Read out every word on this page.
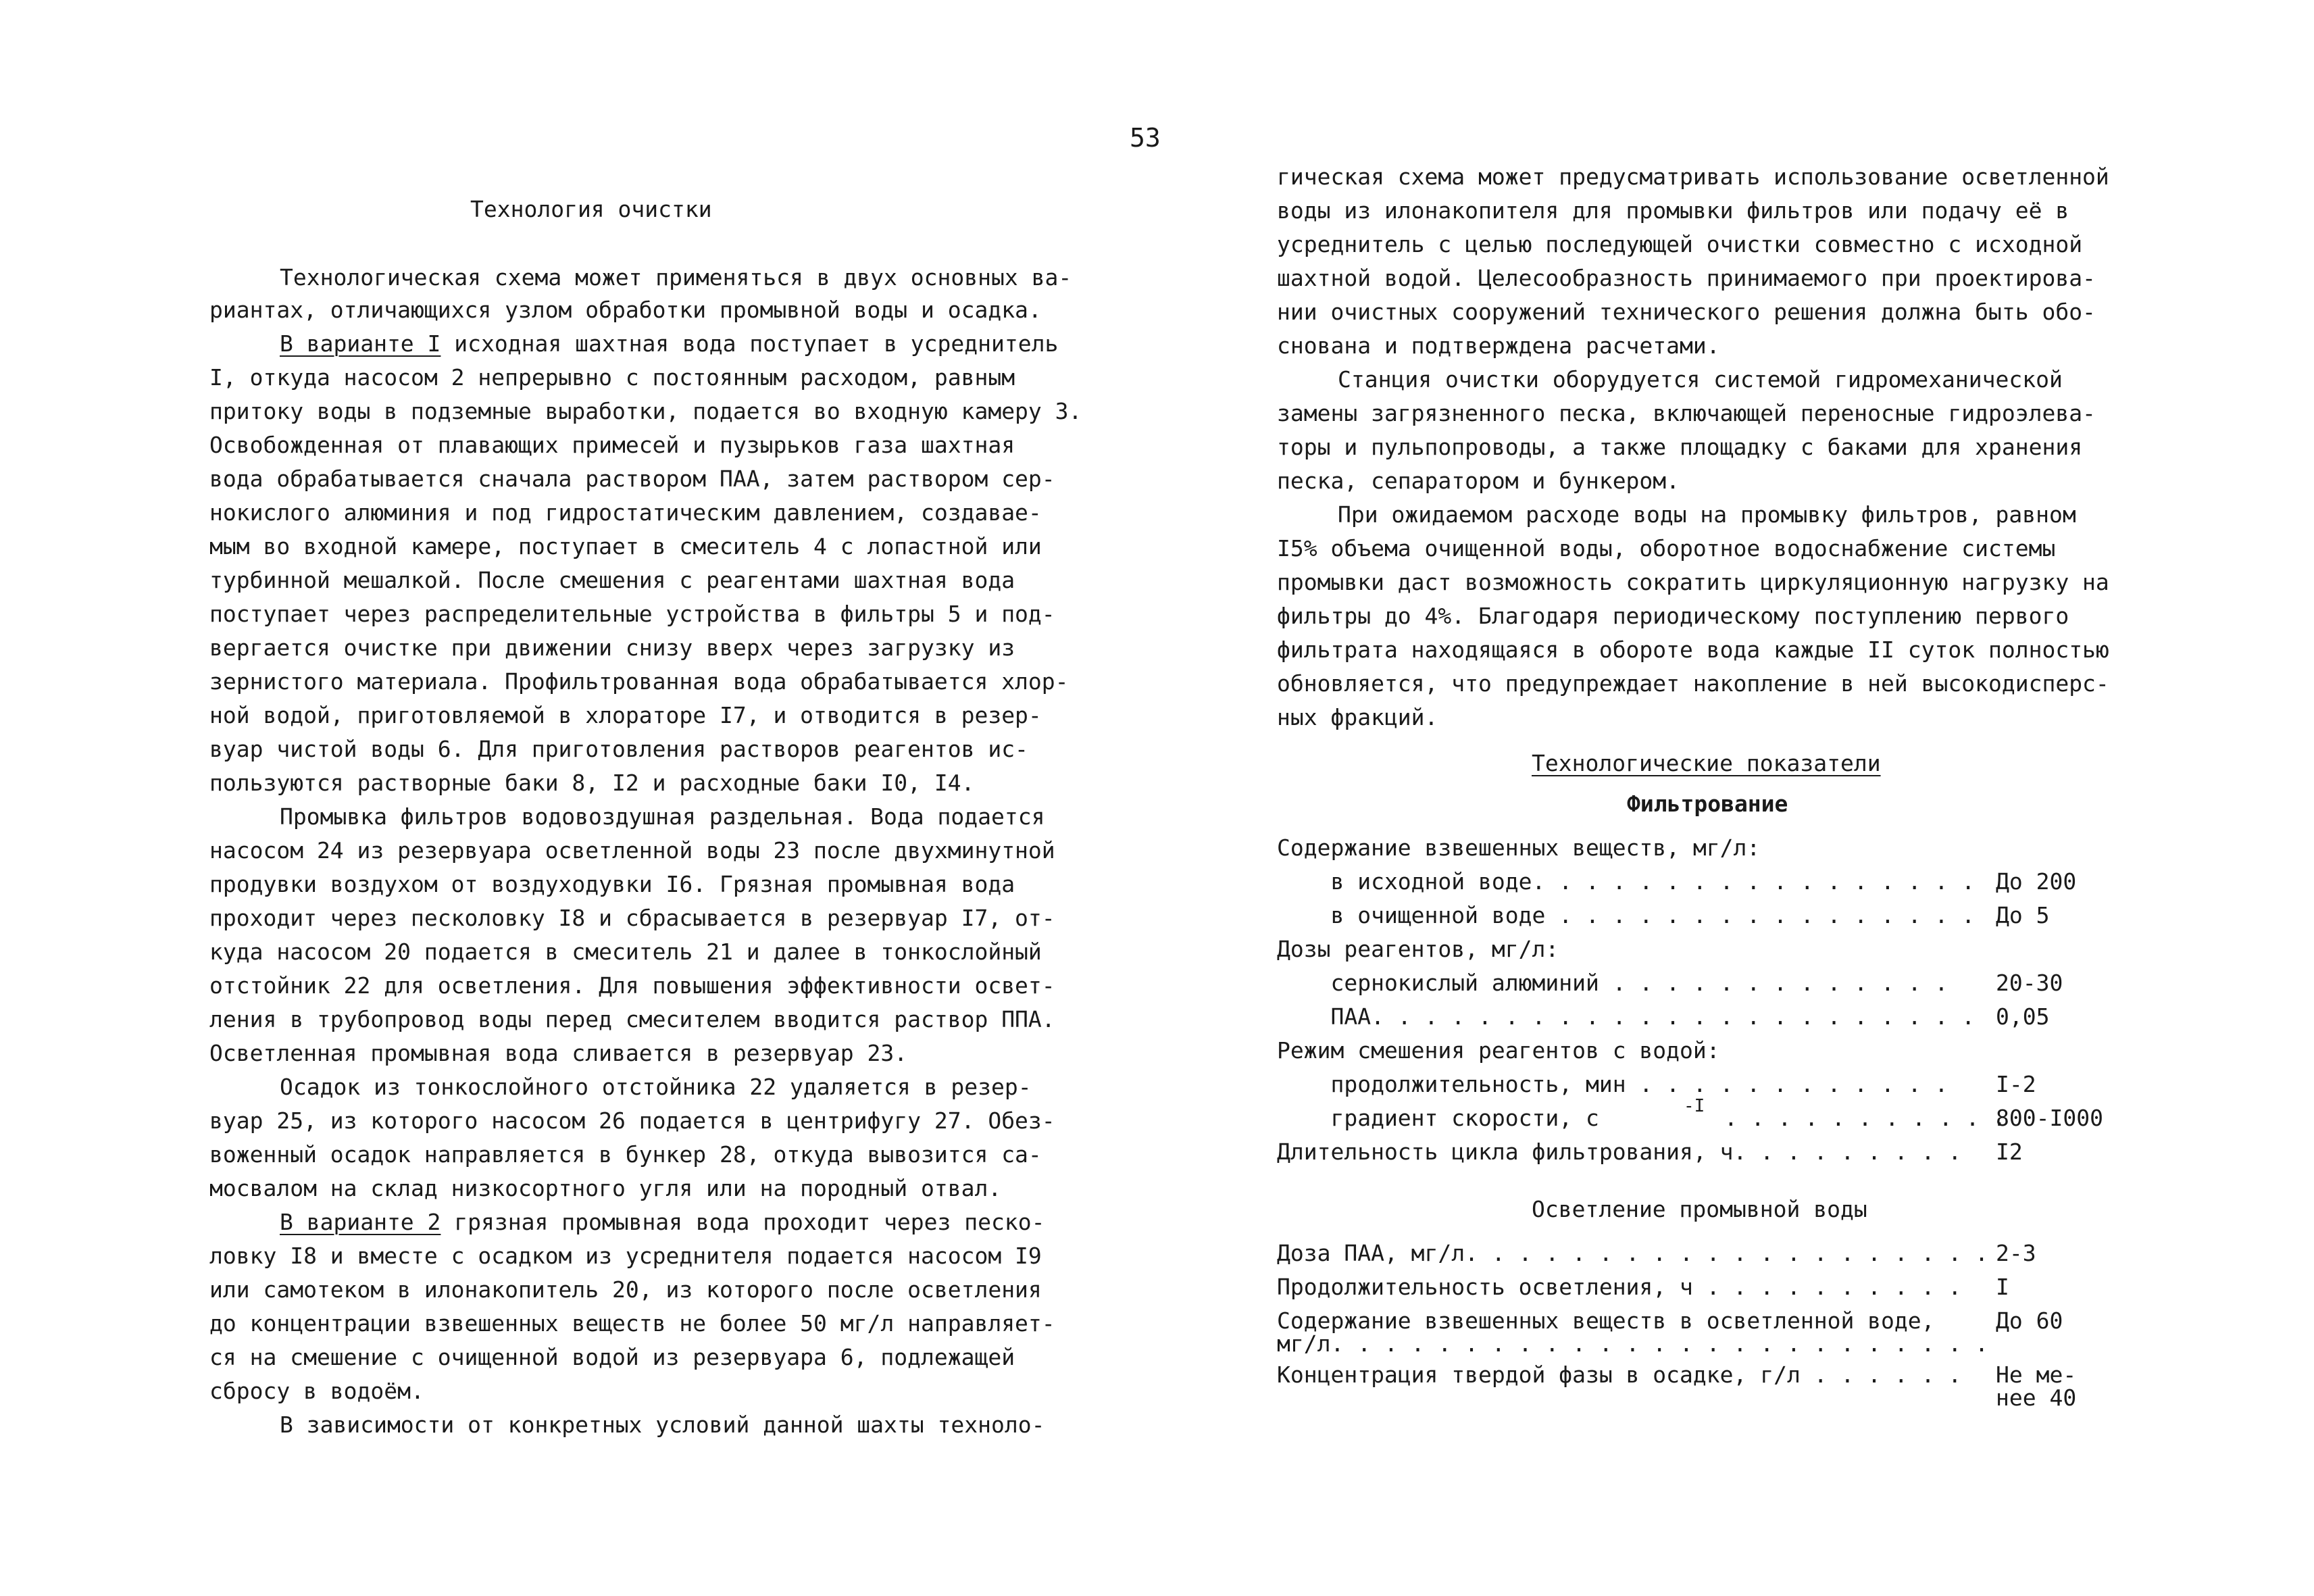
53
Технология очистки
Технологическая схема может применяться в двух основных ва-
риантах, отличающихся узлом обработки промывной воды и осадка.
В варианте I исходная шахтная вода поступает в усреднитель
I, откуда насосом 2 непрерывно с постоянным расходом, равным
притоку воды в подземные выработки, подается во входную камеру 3.
Освобожденная от плавающих примесей и пузырьков газа шахтная
вода обрабатывается сначала раствором ПАА, затем раствором сер-
нокислого алюминия и под гидростатическим давлением, создавае-
мым во входной камере, поступает в смеситель 4 с лопастной или
турбинной мешалкой. После смешения с реагентами шахтная вода
поступает через распределительные устройства в фильтры 5 и под-
вергается очистке при движении снизу вверх через загрузку из
зернистого материала. Профильтрованная вода обрабатывается хлор-
ной водой, приготовляемой в хлораторе I7, и отводится в резер-
вуар чистой воды 6. Для приготовления растворов реагентов ис-
пользуются растворные баки 8, I2 и расходные баки I0, I4.
Промывка фильтров водовоздушная раздельная. Вода подается
насосом 24 из резервуара осветленной воды 23 после двухминутной
продувки воздухом от воздуходувки I6. Грязная промывная вода
проходит через песколовку I8 и сбрасывается в резервуар I7, от-
куда насосом 20 подается в смеситель 21 и далее в тонкослойный
отстойник 22 для осветления. Для повышения эффективности освет-
ления в трубопровод воды перед смесителем вводится раствор ППА.
Осветленная промывная вода сливается в резервуар 23.
Осадок из тонкослойного отстойника 22 удаляется в резер-
вуар 25, из которого насосом 26 подается в центрифугу 27. Обез-
воженный осадок направляется в бункер 28, откуда вывозится са-
мосвалом на склад низкосортного угля или на породный отвал.
В варианте 2 грязная промывная вода проходит через песко-
ловку I8 и вместе с осадком из усреднителя подается насосом I9
или самотеком в илонакопитель 20, из которого после осветления
до концентрации взвешенных веществ не более 50 мг/л направляет-
ся на смешение с очищенной водой из резервуара 6, подлежащей
сбросу в водоём.
В зависимости от конкретных условий данной шахты техноло-
гическая схема может предусматривать использование осветленной
воды из илонакопителя для промывки фильтров или подачу её в
усреднитель с целью последующей очистки совместно с исходной
шахтной водой. Целесообразность принимаемого при проектирова-
нии очистных сооружений технического решения должна быть обо-
снована и подтверждена расчетами.
Станция очистки оборудуется системой гидромеханической
замены загрязненного песка, включающей переносные гидроэлева-
торы и пульпопроводы, а также площадку с баками для хранения
песка, сепаратором и бункером.
При ожидаемом расходе воды на промывку фильтров, равном
I5% объема очищенной воды, оборотное водоснабжение системы
промывки даст возможность сократить циркуляционную нагрузку на
фильтры до 4%. Благодаря периодическому поступлению первого
фильтрата находящаяся в обороте вода каждые II суток полностью
обновляется, что предупреждает накопление в ней высокодисперс-
ных фракций.
Технологические показатели
Фильтрование
Содержание взвешенных веществ, мг/л:
в исходной воде. . . . . . . . . . . . . . . . . До 200
в очищенной воде . . . . . . . . . . . . . . . . До 5
Дозы реагентов, мг/л:
сернокислый алюминий . . . . . . . . . . . . . 20-30
ПАА. . . . . . . . . . . . . . . . . . . . . . . 0,05
Режим смешения реагентов с водой:
продолжительность, мин . . . . . . . . . . . . I-2
градиент скорости, с	-I . . . . . . . . . . .
800-I000
Длительность цикла фильтрования, ч. . . . . . . . . I2
Осветление промывной воды
Доза ПАА, мг/л. . . . . . . . . . . . . . . . . . . . 2-3
Продолжительность осветления, ч . . . . . . . . . . I
Содержание взвешенных веществ в осветленной воде,	До 60
мг/л. . . . . . . . . . . . . . . . . . . . . . . . .
Концентрация твердой фазы в осадке, г/л . . . . . . Не ме-
нее 40
